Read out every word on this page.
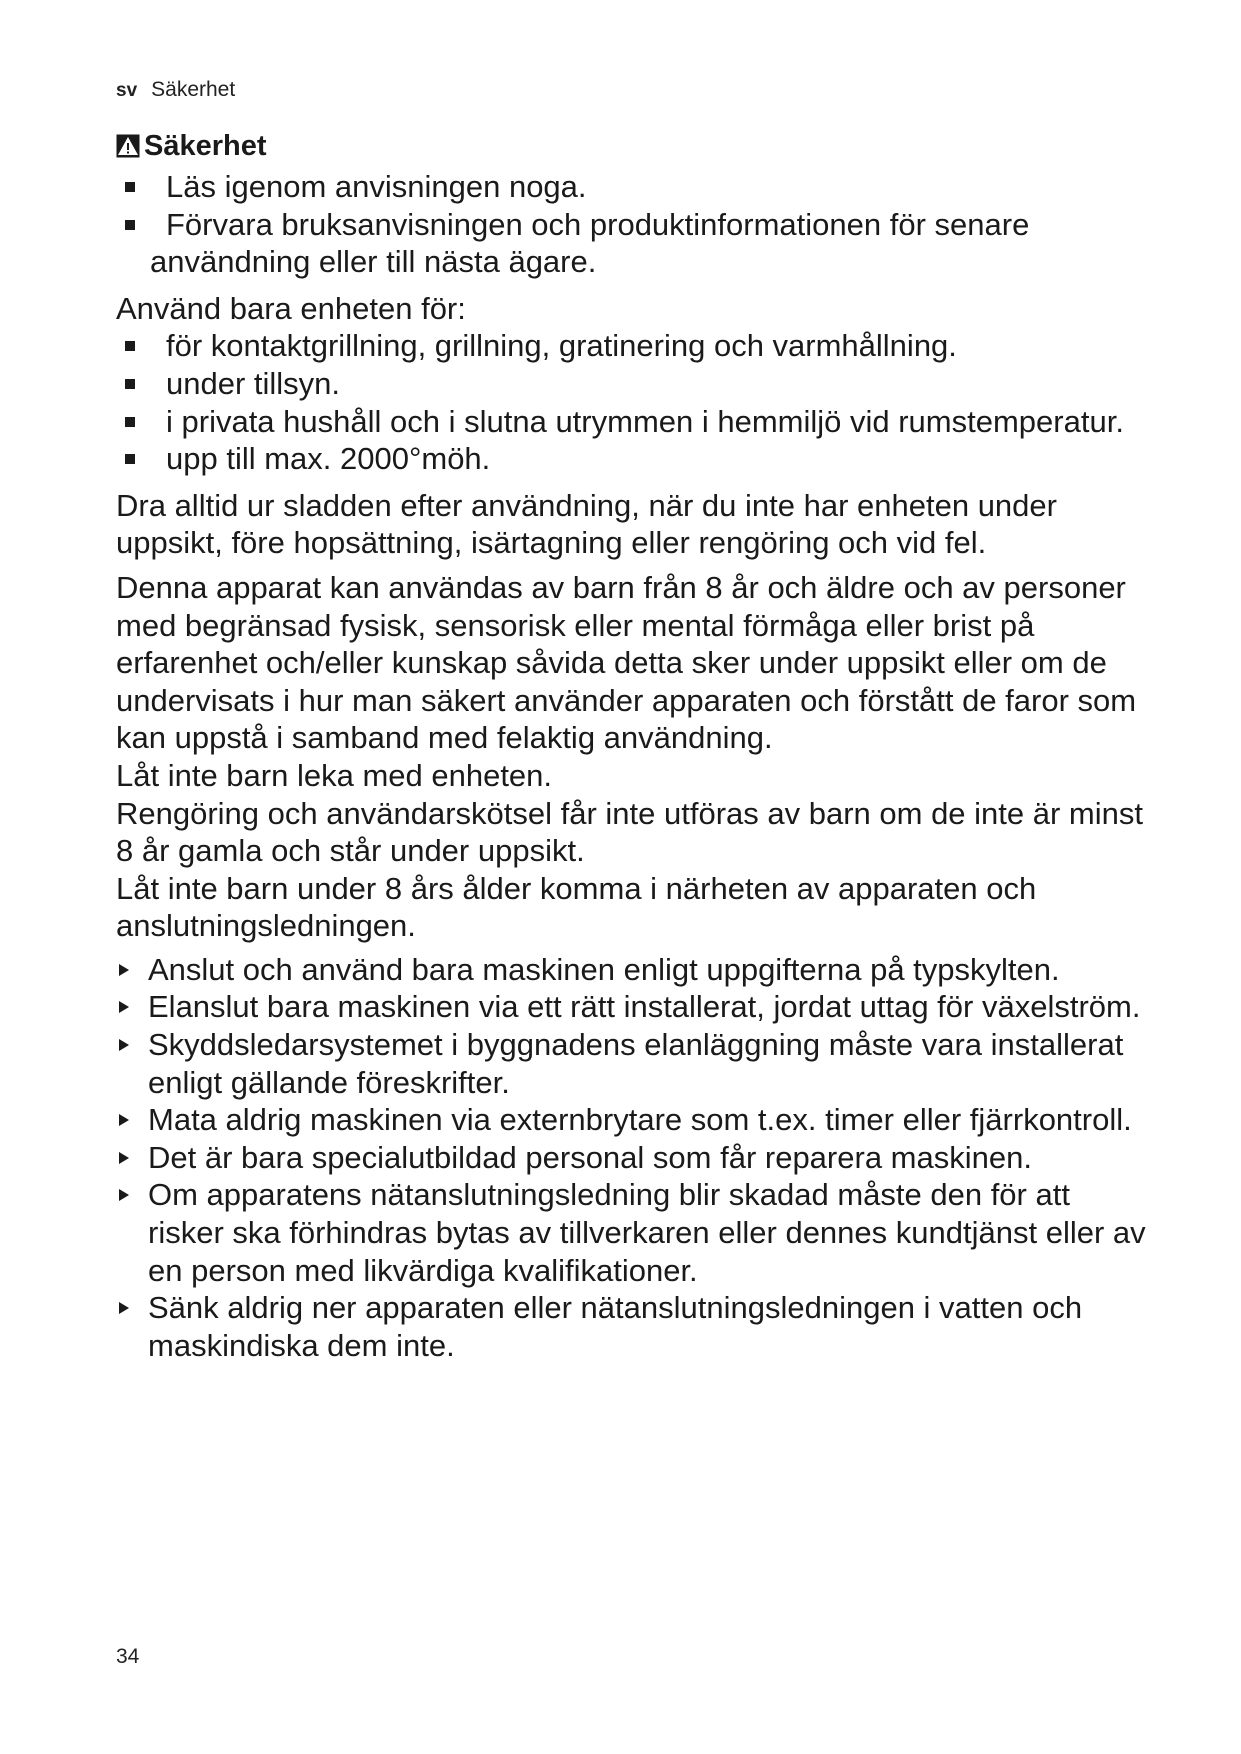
sv Säkerhet
Säkerhet
Läs igenom anvisningen noga.
Förvara bruksanvisningen och produktinformationen för senare användning eller till nästa ägare.

Använd bara enheten för:

för kontaktgrillning, grillning, gratinering och varmhållning.
under tillsyn.
i privata hushåll och i slutna utrymmen i hemmiljö vid rumstemperatur.
upp till max. 2000°möh.

Dra alltid ur sladden efter användning, när du inte har enheten under uppsikt, före hopsättning, isärtagning eller rengöring och vid fel.

Denna apparat kan användas av barn från 8 år och äldre och av personer med begränsad fysisk, sensorisk eller mental förmåga eller brist på erfarenhet och/eller kunskap såvida detta sker under uppsikt eller om de undervisats i hur man säkert använder apparaten och förstått de faror som kan uppstå i samband med felaktig användning.

Låt inte barn leka med enheten.

Rengöring och användarskötsel får inte utföras av barn om de inte är minst 8 år gamla och står under uppsikt.

Låt inte barn under 8 års ålder komma i närheten av apparaten och anslutningsledningen.

Anslut och använd bara maskinen enligt uppgifterna på typskylten.
Elanslut bara maskinen via ett rätt installerat, jordat uttag för växelström.
Skyddsledarsystemet i byggnadens elanläggning måste vara installerat enligt gällande föreskrifter.
Mata aldrig maskinen via externbrytare som t.ex. timer eller fjärrkontroll.
Det är bara specialutbildad personal som får reparera maskinen.
Om apparatens nätanslutningsledning blir skadad måste den för att risker ska förhindras bytas av tillverkaren eller dennes kundtjänst eller av en person med likvärdiga kvalifikationer.
Sänk aldrig ner apparaten eller nätanslutningsledningen i vatten och maskindiska dem inte.
34
